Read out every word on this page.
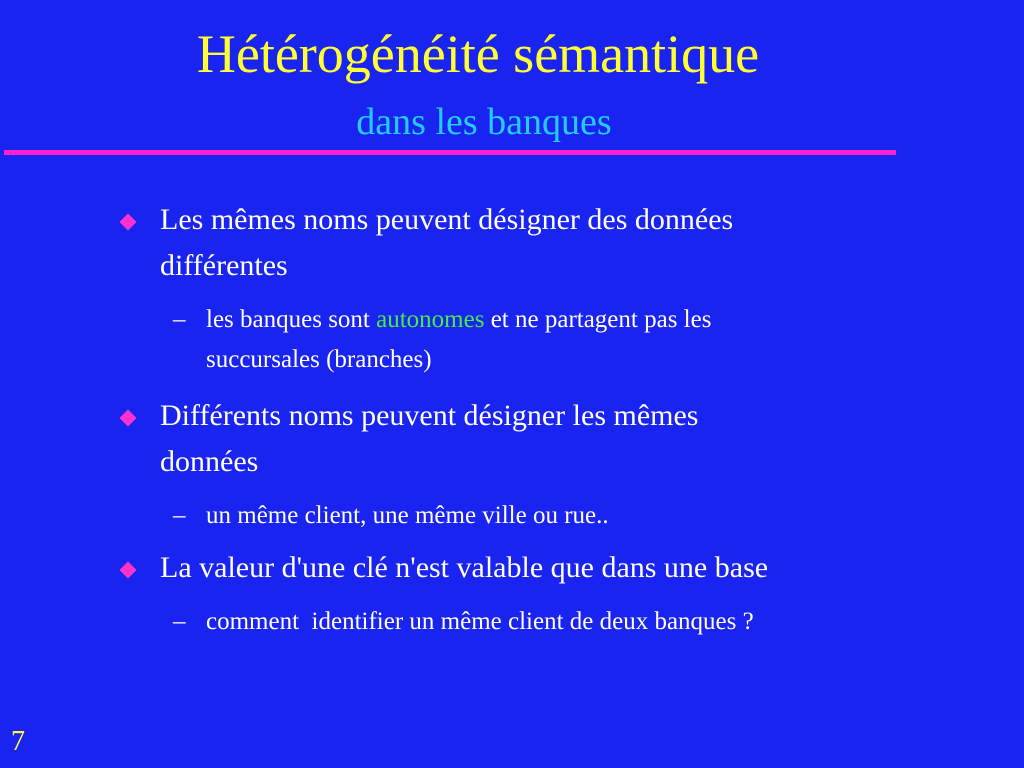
Hétérogénéité sémantique
dans les banques
Les mêmes noms peuvent désigner des données
différentes
– les banques sont autonomes et ne partagent pas les
succursales (branches)
Différents noms peuvent désigner les mêmes
données
– un même client, une même ville ou rue..
La valeur d'une clé n'est valable que dans une base
– comment  identifier un même client de deux banques ?
7
